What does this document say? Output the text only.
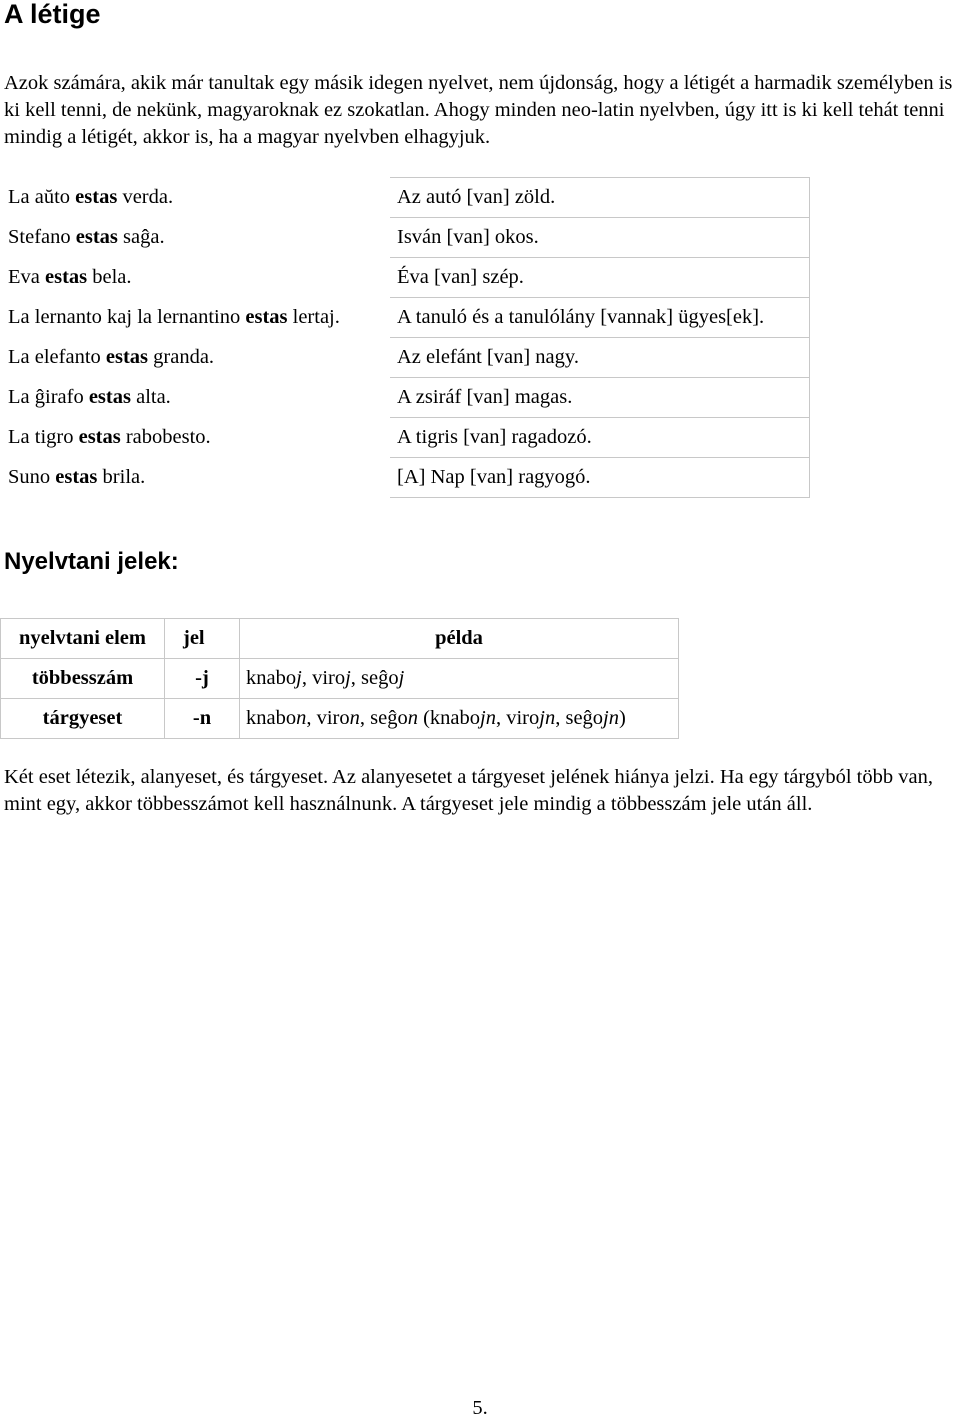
A létige

Azok számára, akik már tanultak egy másik idegen nyelvet, nem újdonság, hogy a létigét a harmadik személyben is ki kell tenni, de nekünk, magyaroknak ez szokatlan. Ahogy minden neo-latin nyelvben, úgy itt is ki kell tehát tenni mindig a létigét, akkor is, ha a magyar nyelvben elhagyjuk.

La aŭto estas verda.	Az autó [van] zöld.
Stefano estas saĝa.	Isván [van] okos.
Eva estas bela.	Éva [van] szép.
La lernanto kaj la lernantino estas lertaj.	A tanuló és a tanulólány [vannak] ügyes[ek].
La elefanto estas granda.	Az elefánt [van] nagy.
La ĝirafo estas alta.	A zsiráf [van] magas.
La tigro estas rabobesto.	A tigris [van] ragadozó.
Suno estas brila.	[A] Nap [van] ragyogó.
Nyelvtani jelek:
nyelvtani elem	jel	példa
többesszám	-j	knaboj, viroj, seĝoj
tárgyeset	-n	knabon, viron, seĝon (knabojn, virojn, seĝojn)

Két eset létezik, alanyeset, és tárgyeset. Az alanyesetet a tárgyeset jelének hiánya jelzi. Ha egy tárgyból több van, mint egy, akkor többesszámot kell használnunk. A tárgyeset jele mindig a többesszám jele után áll.

5.
